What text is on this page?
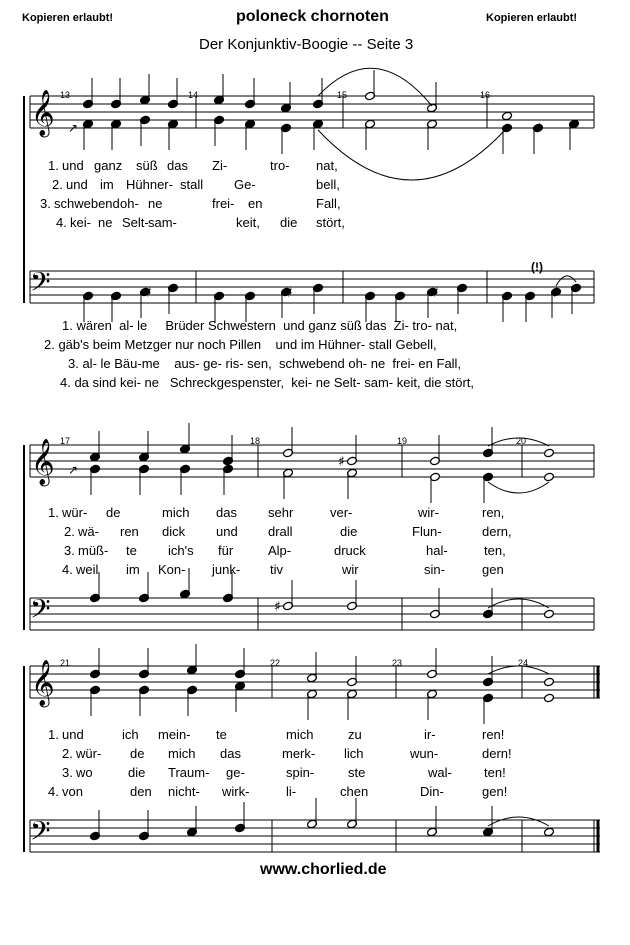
Kopieren erlaubt!	poloneck chornoten	Kopieren erlaubt!
Der Konjunktiv-Boogie -- Seite 3
𝄞
𝄢
↗	♯
♯	♯	♯	♯
𝄞
𝄢
↗	♯
♯
𝄞
𝄢
13	14	15	16
17	18	19	20
21	22	23	24
(!)
1. und ganz süß das Zi-	tro- nat,
2. und im Hühner- stall Ge-	bell,
3. schwebend oh- ne	frei- en	Fall,
4. kei- ne Selt- sam-	keit, die stört,
1. wären  al- le     Brüder Schwestern  und ganz süß das  Zi- tro- nat,
2. gäb's beim Metzger nur noch Pillen    und im Hühner- stall Gebell,
3. al- le Bäu-me    aus- ge- ris- sen,  schwebend oh- ne  frei- en Fall,
4. da sind kei- ne   Schreckgespenster,  kei- ne Selt- sam- keit, die stört,
1. wür- de	mich das sehr	ver-	wir-	ren,
2. wä- ren dick und drall	die	Flun-	dern,
3. müß- te ich's für	Alp-	druck	hal-	ten,
4. weil im Kon- junk- tiv	wir	sin-	gen
1. und	ich mein- te	mich	zu	ir-	ren!
2. wür- de mich das	merk- lich	wun-	dern!
3. wo	die Traum- ge-	spin-	ste	wal- ten!
4. von	den nicht- wirk-	li-	chen	Din-	gen!
www.chorlied.de
